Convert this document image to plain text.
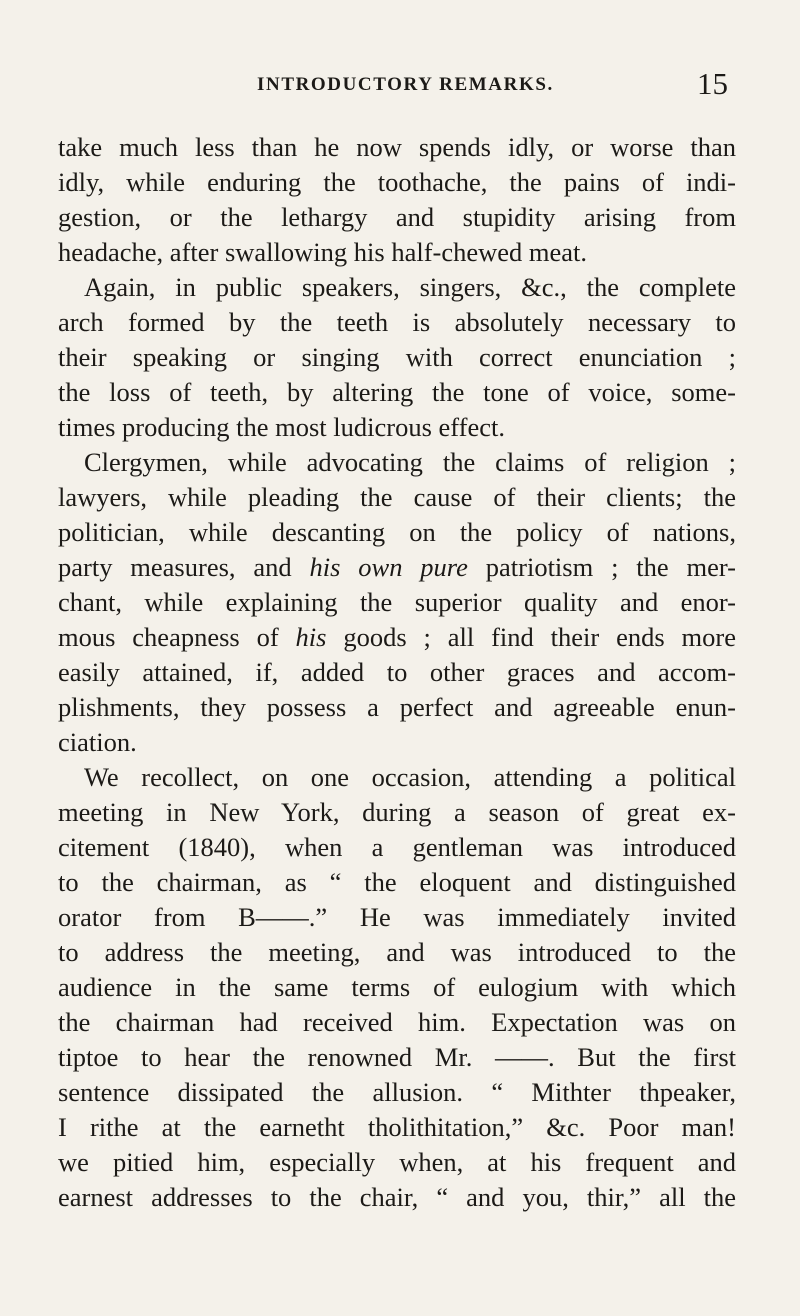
INTRODUCTORY REMARKS.	15
take much less than he now spends idly, or worse than
idly, while enduring the toothache, the pains of indi-
gestion, or the lethargy and stupidity arising from
headache, after swallowing his half-chewed meat.
Again, in public speakers, singers, &c., the complete
arch formed by the teeth is absolutely necessary to
their speaking or singing with correct enunciation ;
the loss of teeth, by altering the tone of voice, some-
times producing the most ludicrous effect.
Clergymen, while advocating the claims of religion ;
lawyers, while pleading the cause of their clients; the
politician, while descanting on the policy of nations,
party measures, and his own pure patriotism ; the mer-
chant, while explaining the superior quality and enor-
mous cheapness of his goods ; all find their ends more
easily attained, if, added to other graces and accom-
plishments, they possess a perfect and agreeable enun-
ciation.
We recollect, on one occasion, attending a political
meeting in New York, during a season of great ex-
citement (1840), when a gentleman was introduced
to the chairman, as “ the eloquent and distinguished
orator from B——.” He was immediately invited
to address the meeting, and was introduced to the
audience in the same terms of eulogium with which
the chairman had received him. Expectation was on
tiptoe to hear the renowned Mr. ——. But the first
sentence dissipated the allusion. “ Mithter thpeaker,
I rithe at the earnetht tholithitation,” &c. Poor man!
we pitied him, especially when, at his frequent and
earnest addresses to the chair, “ and you, thir,” all the
